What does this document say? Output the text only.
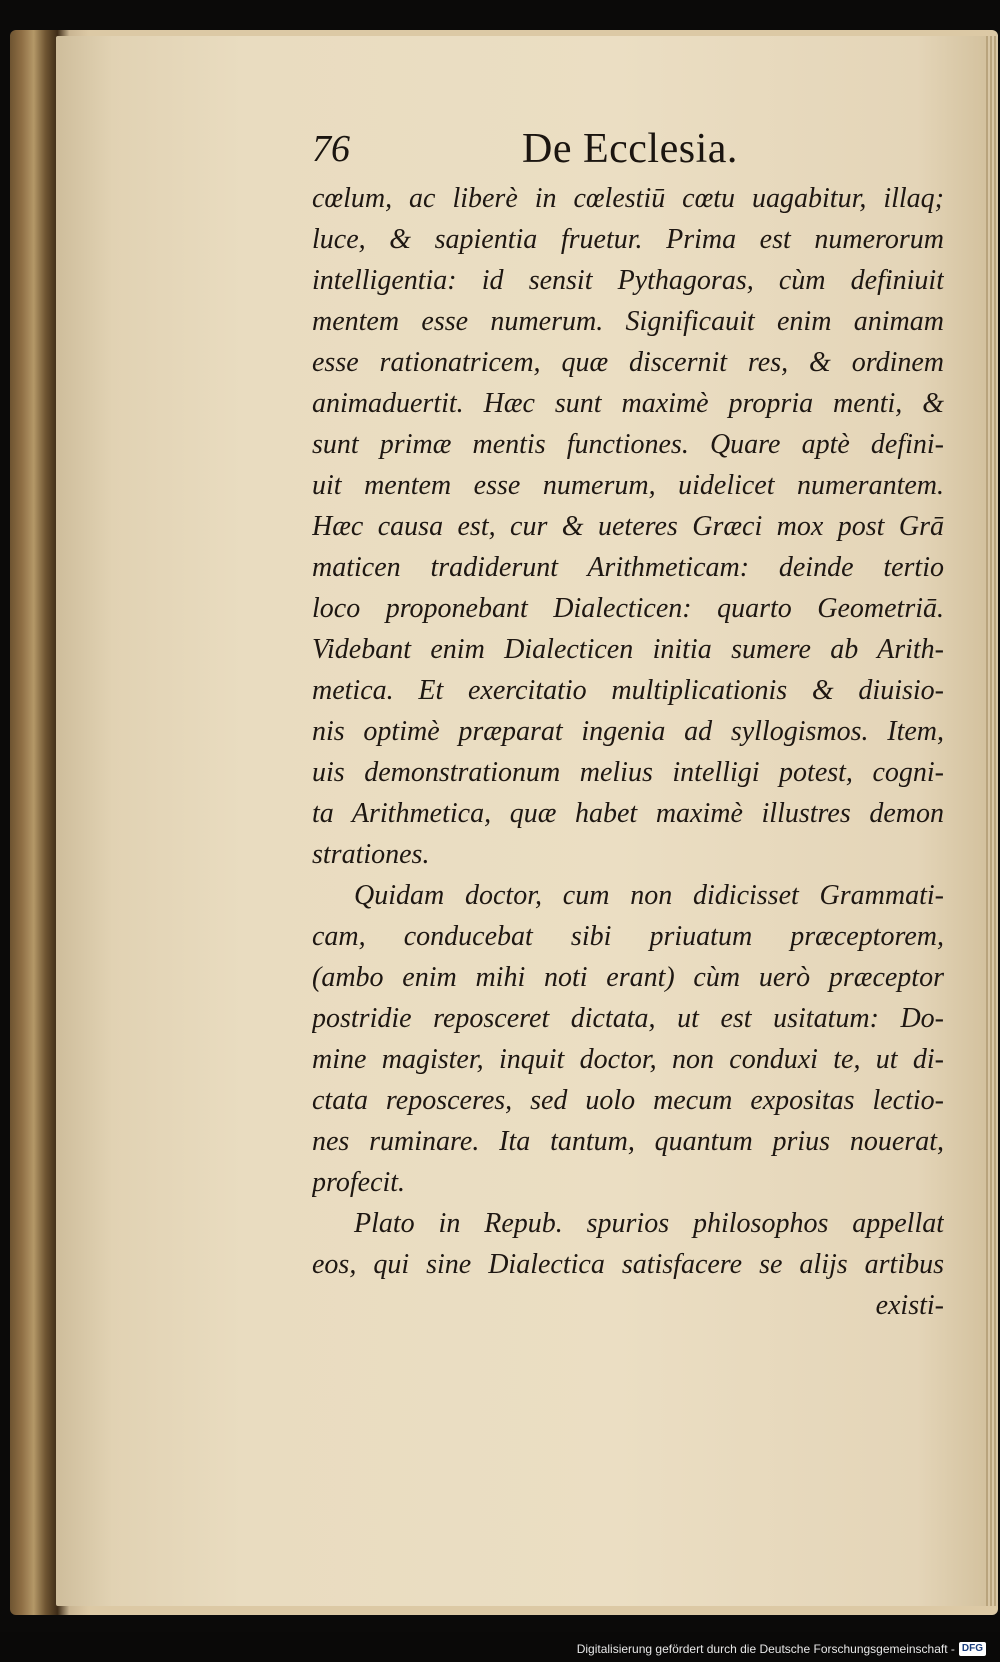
76	De Ecclesia.
cœlum, ac liberè in cœlestiū cœtu uagabitur, illaq;
luce, & sapientia fruetur. Prima est numerorum
intelligentia: id sensit Pythagoras, cùm definiuit
mentem esse numerum. Significauit enim animam
esse rationatricem, quæ discernit res, & ordinem
animaduertit. Hæc sunt maximè propria menti, &
sunt primæ mentis functiones. Quare aptè defini-
uit mentem esse numerum, uidelicet numerantem.
Hæc causa est, cur & ueteres Græci mox post Grā
maticen tradiderunt Arithmeticam: deinde tertio
loco proponebant Dialecticen: quarto Geometriā.
Videbant enim Dialecticen initia sumere ab Arith-
metica. Et exercitatio multiplicationis & diuisio-
nis optimè præparat ingenia ad syllogismos. Item,
uis demonstrationum melius intelligi potest, cogni-
ta Arithmetica, quæ habet maximè illustres demon
strationes.
Quidam doctor, cum non didicisset Grammati-
cam, conducebat sibi priuatum præceptorem,
(ambo enim mihi noti erant) cùm uerò præceptor
postridie reposceret dictata, ut est usitatum: Do-
mine magister, inquit doctor, non conduxi te, ut di-
ctata reposceres, sed uolo mecum expositas lectio-
nes ruminare. Ita tantum, quantum prius nouerat,
profecit.
Plato in Repub. spurios philosophos appellat
eos, qui sine Dialectica satisfacere se alijs artibus
existi-
Digitalisierung gefördert durch die Deutsche Forschungsgemeinschaft - DFG
